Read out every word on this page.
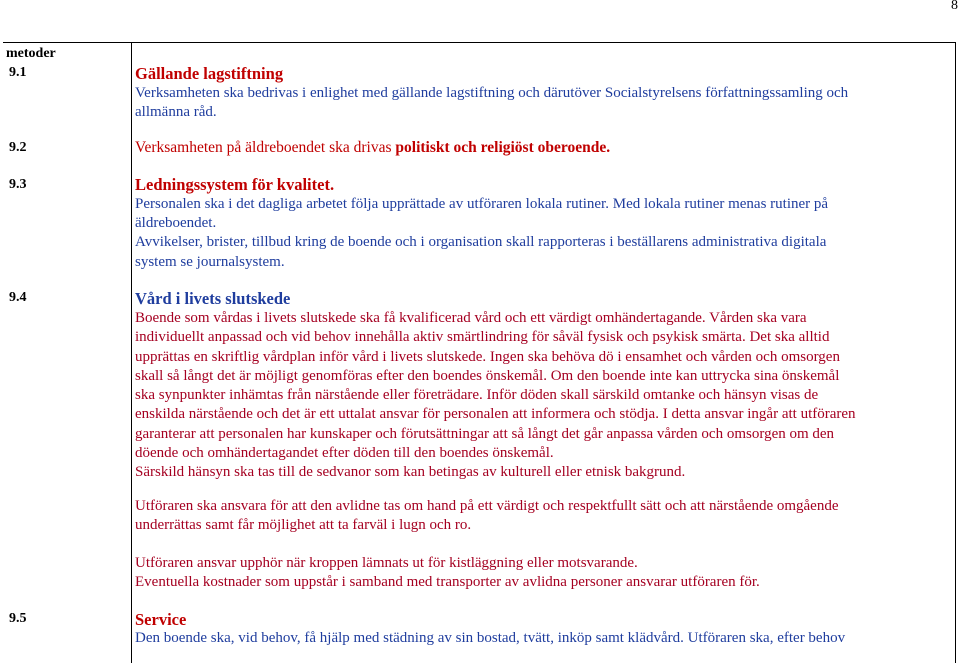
8
metoder
9.1	Gällande lagstiftning
Verksamheten ska bedrivas i enlighet med gällande lagstiftning och därutöver Socialstyrelsens författningssamling och
allmänna råd.
9.2	Verksamheten på äldreboendet ska drivas politiskt och religiöst oberoende.
9.3	Ledningssystem för kvalitet.
Personalen ska i det dagliga arbetet följa upprättade av utföraren lokala rutiner. Med lokala rutiner menas rutiner på
äldreboendet.
Avvikelser, brister, tillbud kring de boende och i organisation skall rapporteras i beställarens administrativa digitala
system se journalsystem.
9.4	Vård i livets slutskede
Boende som vårdas i livets slutskede ska få kvalificerad vård och ett värdigt omhändertagande. Vården ska vara
individuellt anpassad och vid behov innehålla aktiv smärtlindring för såväl fysisk och psykisk smärta. Det ska alltid
upprättas en skriftlig vårdplan inför vård i livets slutskede. Ingen ska behöva dö i ensamhet och vården och omsorgen
skall så långt det är möjligt genomföras efter den boendes önskemål. Om den boende inte kan uttrycka sina önskemål
ska synpunkter inhämtas från närstående eller företrädare. Inför döden skall särskild omtanke och hänsyn visas de
enskilda närstående och det är ett uttalat ansvar för personalen att informera och stödja. I detta ansvar ingår att utföraren
garanterar att personalen har kunskaper och förutsättningar att så långt det går anpassa vården och omsorgen om den
döende och omhändertagandet efter döden till den boendes önskemål.
Särskild hänsyn ska tas till de sedvanor som kan betingas av kulturell eller etnisk bakgrund.
Utföraren ska ansvara för att den avlidne tas om hand på ett värdigt och respektfullt sätt och att närstående omgående
underrättas samt får möjlighet att ta farväl i lugn och ro.
Utföraren ansvar upphör när kroppen lämnats ut för kistläggning eller motsvarande.
Eventuella kostnader som uppstår i samband med transporter av avlidna personer ansvarar utföraren för.
9.5	Service
Den boende ska, vid behov, få hjälp med städning av sin bostad, tvätt, inköp samt klädvård. Utföraren ska, efter behov
